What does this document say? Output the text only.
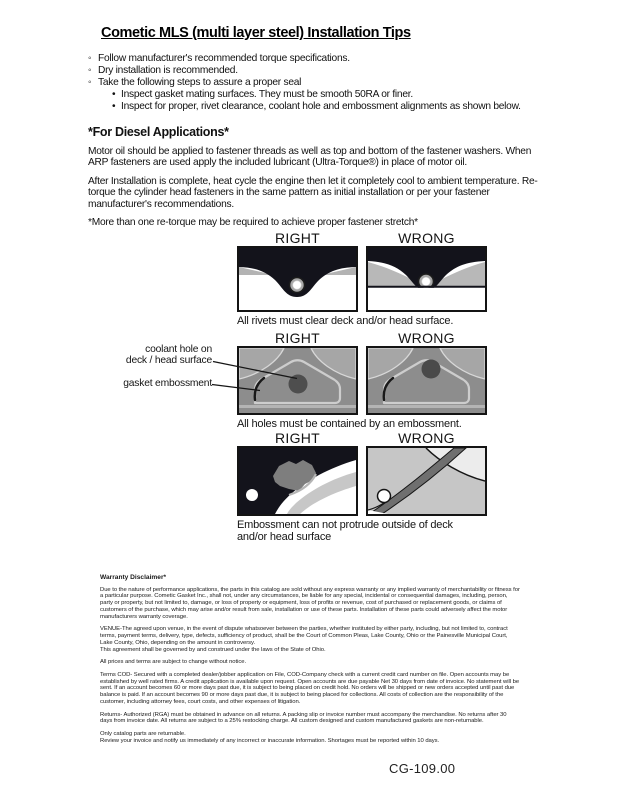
Cometic MLS (multi layer steel) Installation Tips
◦ Follow manufacturer's recommended torque specifications.
◦ Dry installation is recommended.
◦ Take the following steps to assure a proper seal
• Inspect gasket mating surfaces. They must be smooth 50RA or finer.
• Inspect for proper, rivet clearance, coolant hole and embossment alignments as shown below.
*For Diesel Applications*

Motor oil should be applied to fastener threads as well as top and bottom of the fastener washers. When ARP fasteners are used apply the included lubricant (Ultra-Torque®) in place of motor oil.

After Installation is complete, heat cycle the engine then let it completely cool to ambient temperature. Re-torque the cylinder head fasteners in the same pattern as initial installation or per your fastener manufacturer's recommendations.

*More than one re-torque may be required to achieve proper fastener stretch*

RIGHT	WRONG
All rivets must clear deck and/or head surface.
RIGHT	WRONG
All holes must be contained by an embossment.
coolant hole on
deck / head surface
gasket embossment
RIGHT	WRONG
Embossment can not protrude outside of deck
and/or head surface
Warranty Disclaimer*

Due to the nature of performance applications, the parts in this catalog are sold without any express warranty or any implied warranty of merchantability or fitness for a particular purpose. Cometic Gasket Inc., shall not, under any circumstances, be liable for any special, incidental or consequential damages, including, person, party or property, but not limited to, damage, or loss of property or equipment, loss of profits or revenue, cost of purchased or replacement goods, or claims of customers of the purchase, which may arise and/or result from sale, installation or use of these parts. Installation of these parts could adversely affect the motor manufacturers warranty coverage.

VENUE-The agreed upon venue, in the event of dispute whatsoever between the parties, whether instituted by either party, including, but not limited to, contract terms, payment terms, delivery, type, defects, sufficiency of product, shall be the Court of Common Pleas, Lake County, Ohio or the Painesville Municipal Court, Lake County, Ohio, depending on the amount in controversy.

This agreement shall be governed by and construed under the laws of the State of Ohio.

All prices and terms are subject to change without notice.

Terms COD- Secured with a completed dealer/jobber application on File, COD-Company check with a current credit card number on file. Open accounts may be established by well rated firms. A credit application is available upon request. Open accounts are due payable Net 30 days from date of invoice. No statement will be sent. If an account becomes 60 or more days past due, it is subject to being placed on credit hold. No orders will be shipped or new orders accepted until past due balance is paid. If an account becomes 90 or more days past due, it is subject to being placed for collections. All costs of collection are the responsibility of the customer, including attorney fees, court costs, and other expenses of litigation.

Returns- Authorized (RGA) must be obtained in advance on all returns. A packing slip or invoice number must accompany the merchandise. No returns after 30 days from invoice date. All returns are subject to a 25% restocking charge. All custom designed and custom manufactured gaskets are non-returnable.

Only catalog parts are returnable.

Review your invoice and notify us immediately of any incorrect or inaccurate information. Shortages must be reported within 10 days.

CG-109.00
